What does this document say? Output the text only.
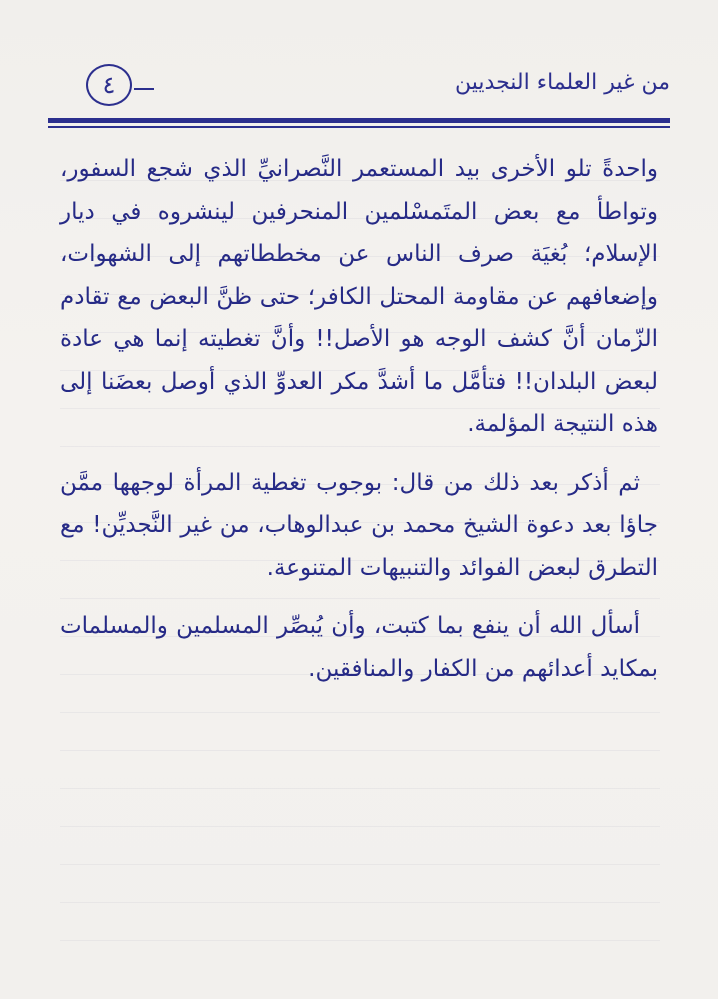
٤	من غير العلماء النجديين

واحدةً تلو الأخرى بيد المستعمر النَّصرانيِّ الذي شجع السفور، وتواطأ مع بعض المتَمسْلمين المنحرفين لينشروه في ديار الإسلام؛ بُغيَة صرف الناس عن مخططاتهم إلى الشهوات، وإضعافهم عن مقاومة المحتل الكافر؛ حتى ظنَّ البعض مع تقادم الزّمان أنَّ كشف الوجه هو الأصل!! وأنَّ تغطيته إنما هي عادة لبعض البلدان!! فتأمَّل ما أشدَّ مكر العدوِّ الذي أوصل بعضَنا إلى هذه النتيجة المؤلمة.

ثم أذكر بعد ذلك من قال: بوجوب تغطية المرأة لوجهها ممَّن جاؤا بعد دعوة الشيخ محمد بن عبدالوهاب، من غير النَّجديِّن! مع التطرق لبعض الفوائد والتنبيهات المتنوعة.

أسأل الله أن ينفع بما كتبت، وأن يُبصِّر المسلمين والمسلمات بمكايد أعدائهم من الكفار والمنافقين.
